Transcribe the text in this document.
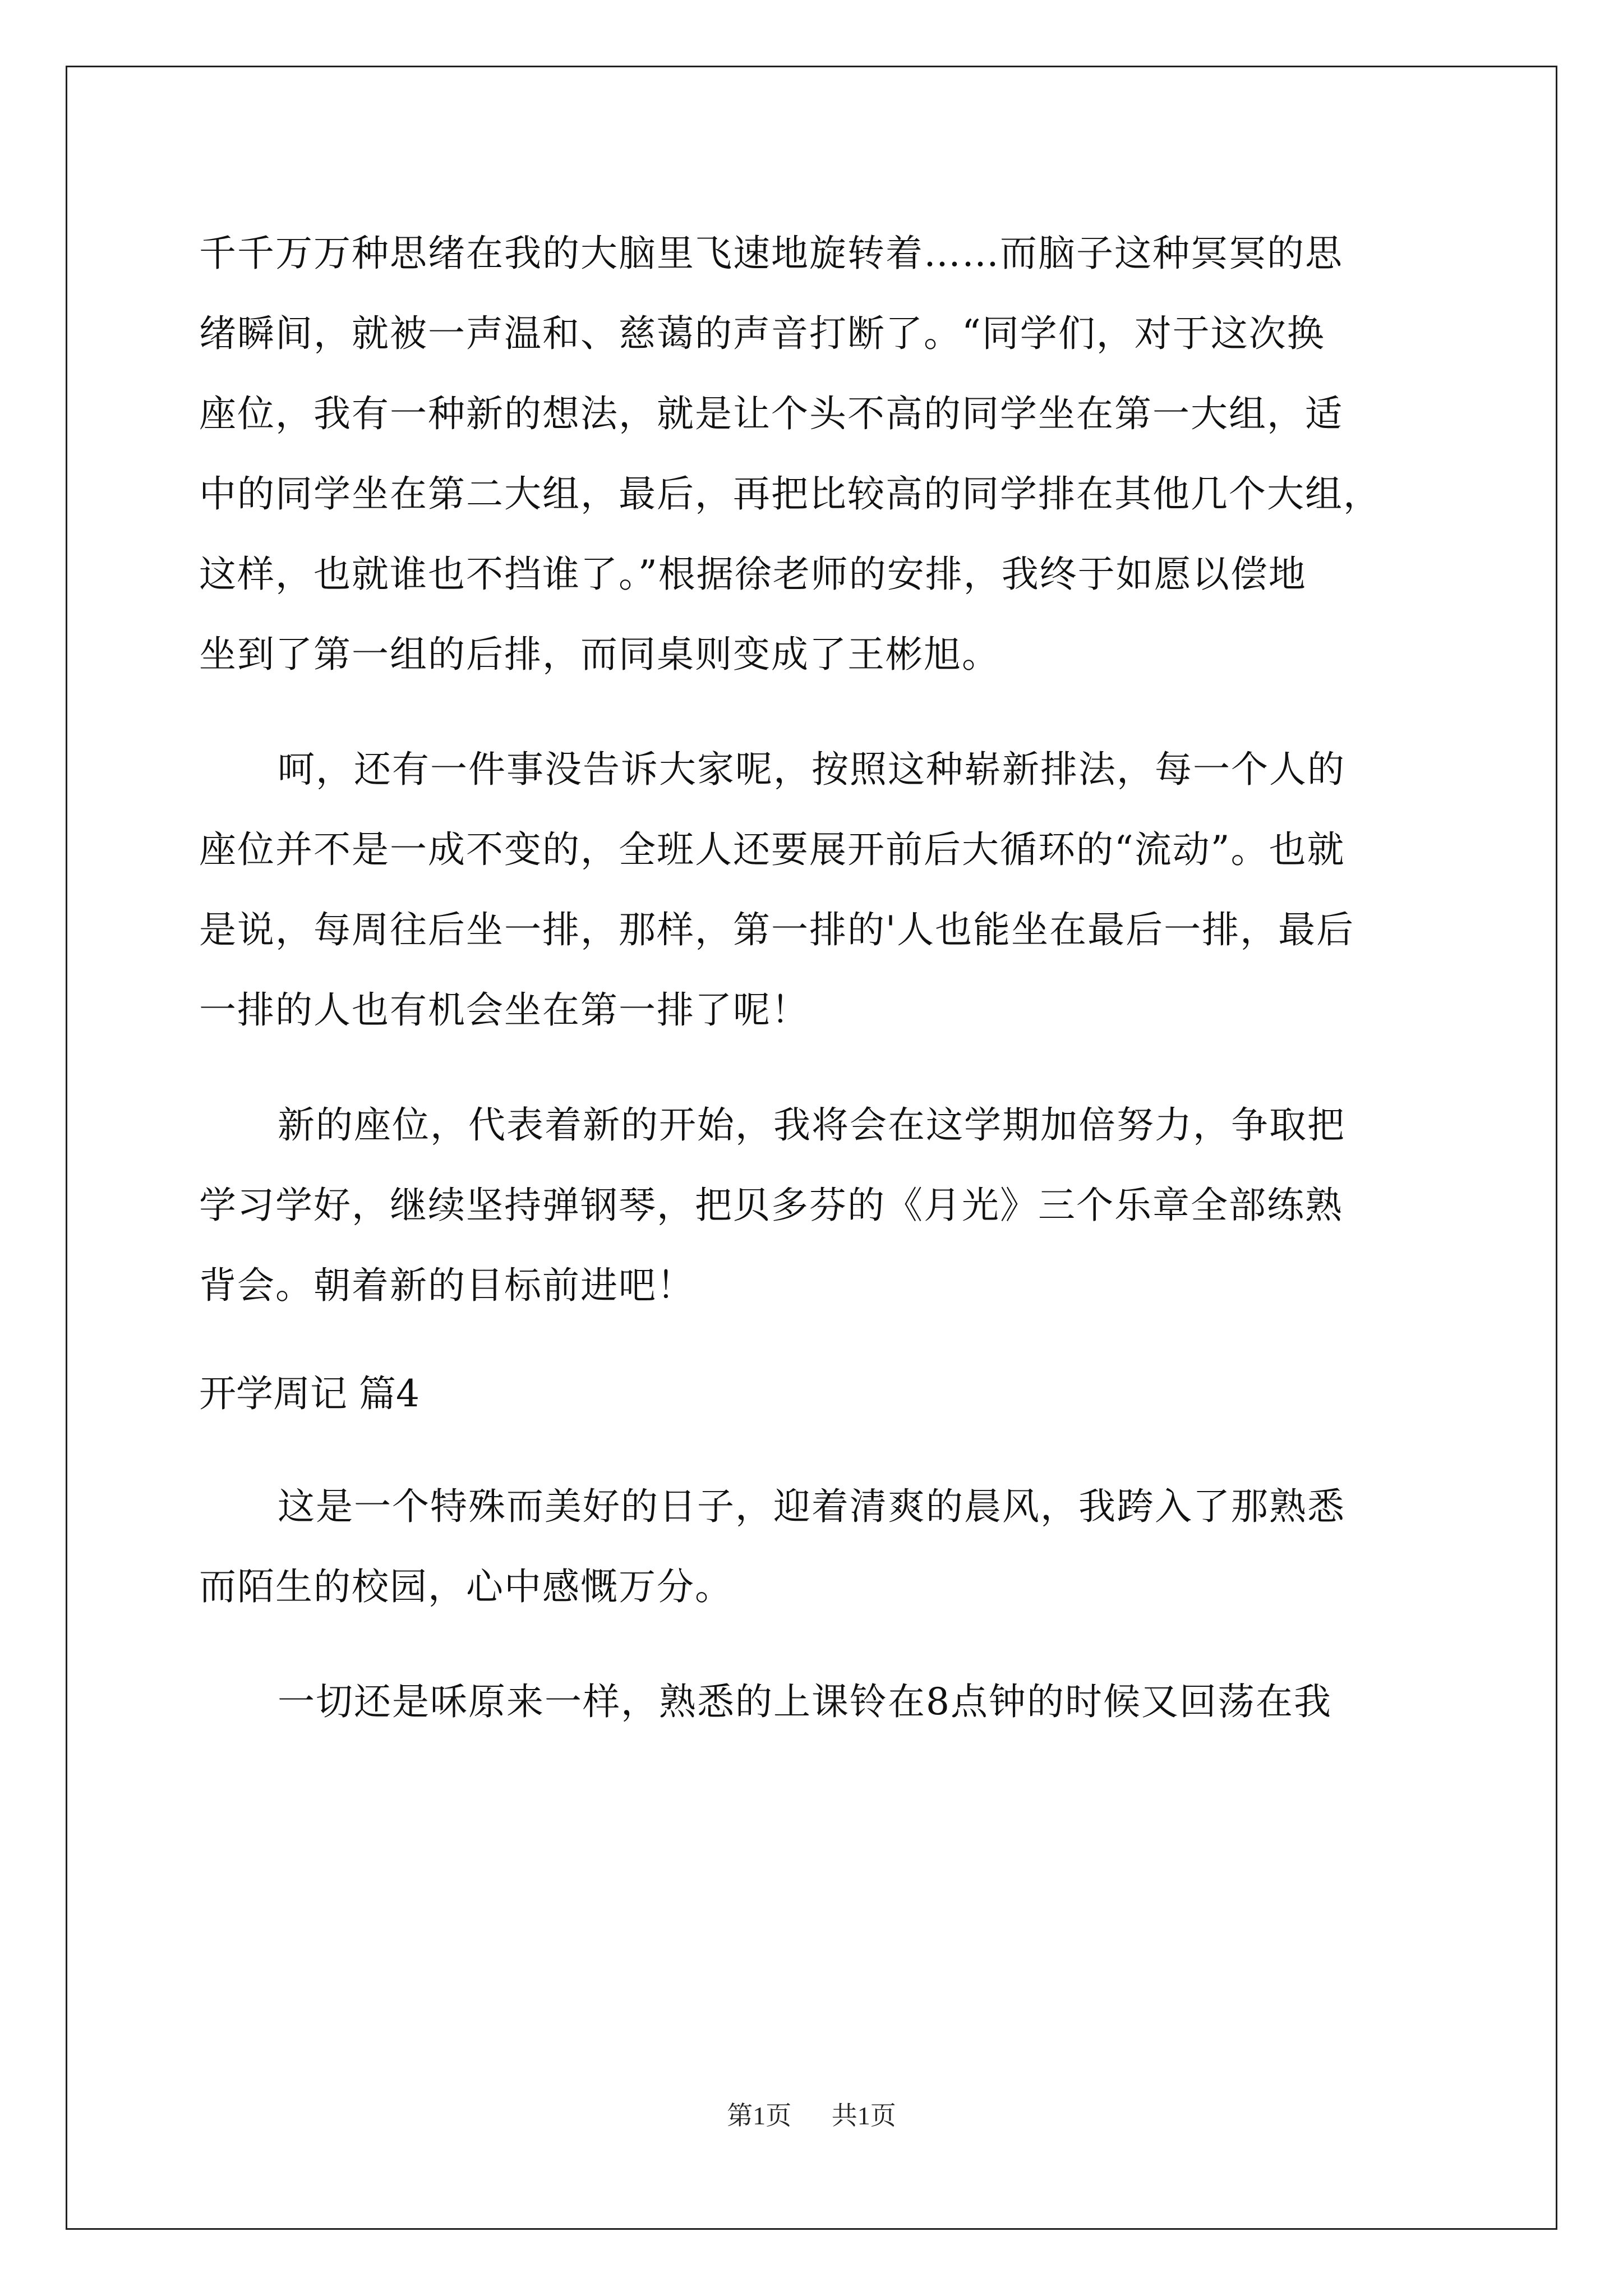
千千万万种思绪在我的大脑里飞速地旋转着……而脑子这种冥冥的思
绪瞬间，就被一声温和、慈蔼的声音打断了。“同学们，对于这次换
座位，我有一种新的想法，就是让个头不高的同学坐在第一大组，适
中的同学坐在第二大组，最后，再把比较高的同学排在其他几个大组，
这样，也就谁也不挡谁了。”根据徐老师的安排，我终于如愿以偿地
坐到了第一组的后排，而同桌则变成了王彬旭。
呵，还有一件事没告诉大家呢，按照这种崭新排法，每一个人的
座位并不是一成不变的，全班人还要展开前后大循环的“流动”。也就
是说，每周往后坐一排，那样，第一排的'人也能坐在最后一排，最后
一排的人也有机会坐在第一排了呢！
新的座位，代表着新的开始，我将会在这学期加倍努力，争取把
学习学好，继续坚持弹钢琴，把贝多芬的《月光》三个乐章全部练熟
背会。朝着新的目标前进吧！
开学周记 篇4
这是一个特殊而美好的日子，迎着清爽的晨风，我跨入了那熟悉
而陌生的校园，心中感慨万分。
一切还是咊原来一样，熟悉的上课铃在8点钟的时候又回荡在我
第1页 共1页
